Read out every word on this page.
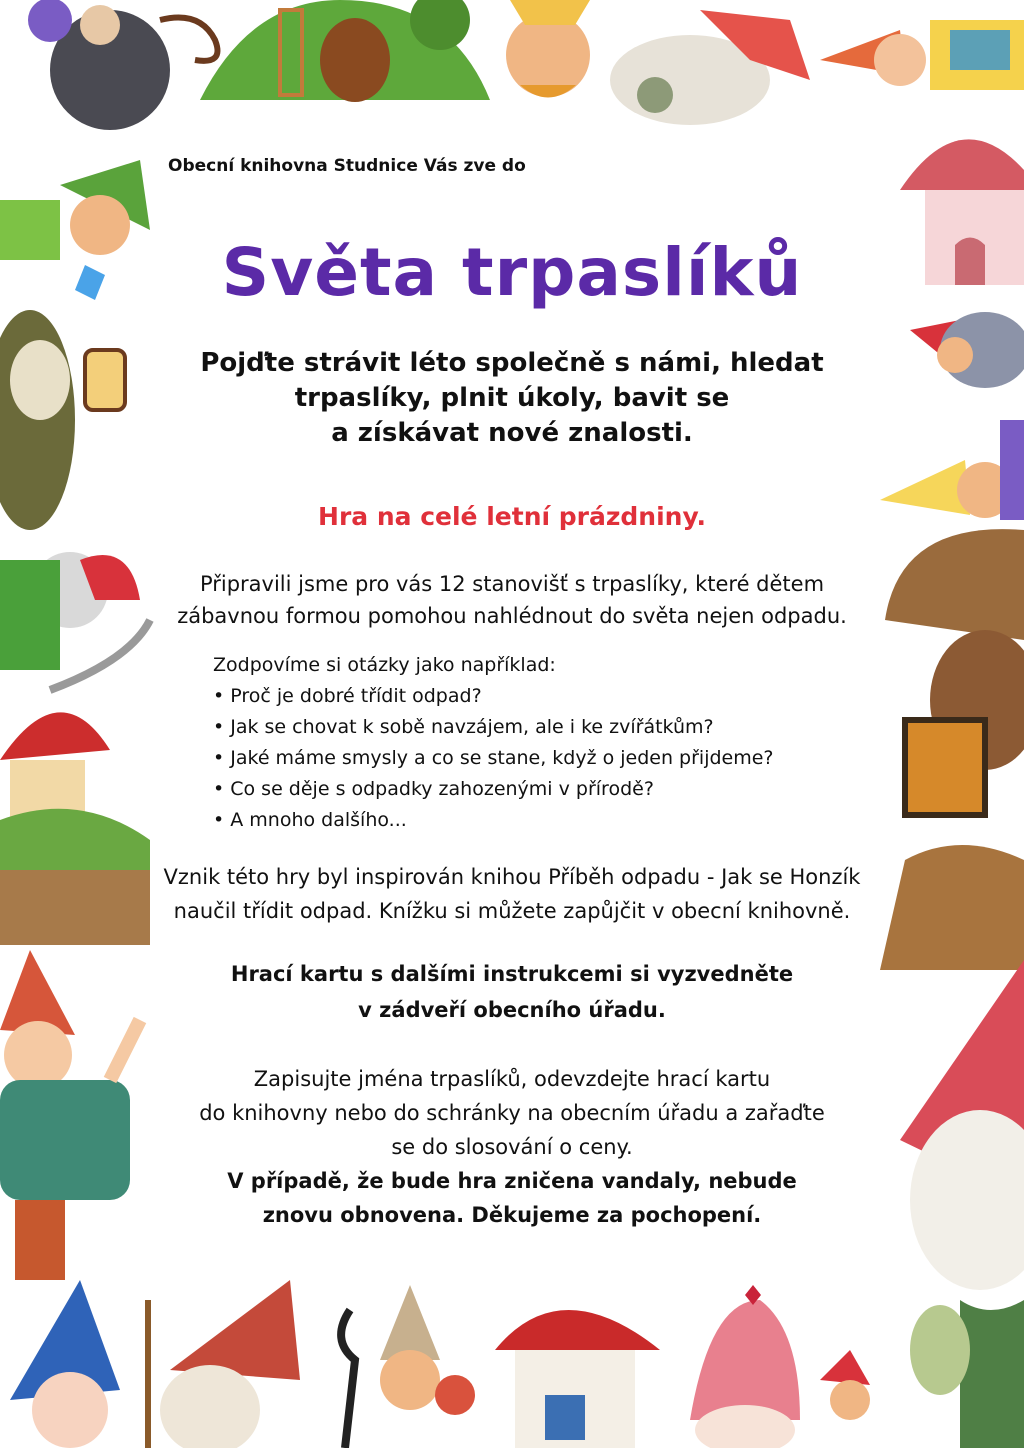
Obecní knihovna Studnice Vás zve do
Světa trpaslíků
Pojďte strávit léto společně s námi, hledat
trpaslíky, plnit úkoly, bavit se
a získávat nové znalosti.
Hra na celé letní prázdniny.
Připravili jsme pro vás 12 stanovišť s trpaslíky, které dětem
zábavnou formou pomohou nahlédnout do světa nejen odpadu.
Zodpovíme si otázky jako například:
• Proč je dobré třídit odpad?
• Jak se chovat k sobě navzájem, ale i ke zvířátkům?
• Jaké máme smysly a co se stane, když o jeden přijdeme?
• Co se děje s odpadky zahozenými v přírodě?
• A mnoho dalšího...
Vznik této hry byl inspirován knihou Příběh odpadu - Jak se Honzík
naučil třídit odpad. Knížku si můžete zapůjčit v obecní knihovně.
Hrací kartu s dalšími instrukcemi si vyzvedněte
v zádveří obecního úřadu.
Zapisujte jména trpaslíků, odevzdejte hrací kartu
do knihovny nebo do schránky na obecním úřadu a zařaďte
se do slosování o ceny.
V případě, že bude hra zničena vandaly, nebude
znovu obnovena. Děkujeme za pochopení.
